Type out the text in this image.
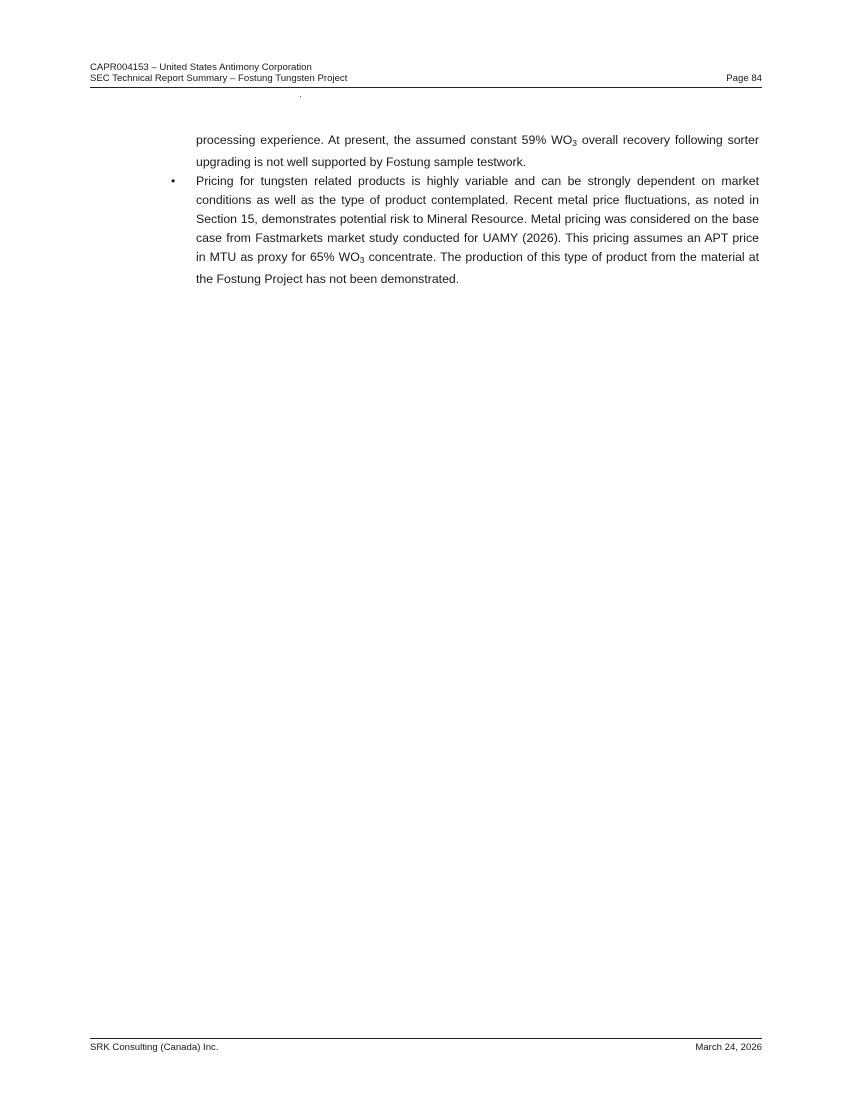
CAPR004153 – United States Antimony Corporation
SEC Technical Report Summary – Fostung Tungsten Project	Page 84

processing experience. At present, the assumed constant 59% $WO_3$ overall recovery following sorter upgrading is not well supported by Fostung sample testwork.

• Pricing for tungsten related products is highly variable and can be strongly dependent on market conditions as well as the type of product contemplated. Recent metal price fluctuations, as noted in Section 15, demonstrates potential risk to Mineral Resource. Metal pricing was considered on the base case from Fastmarkets market study conducted for UAMY (2026). This pricing assumes an APT price in MTU as proxy for 65% $WO_3$ concentrate. The production of this type of product from the material at the Fostung Project has not been demonstrated.
SRK Consulting (Canada) Inc.	March 24, 2026
